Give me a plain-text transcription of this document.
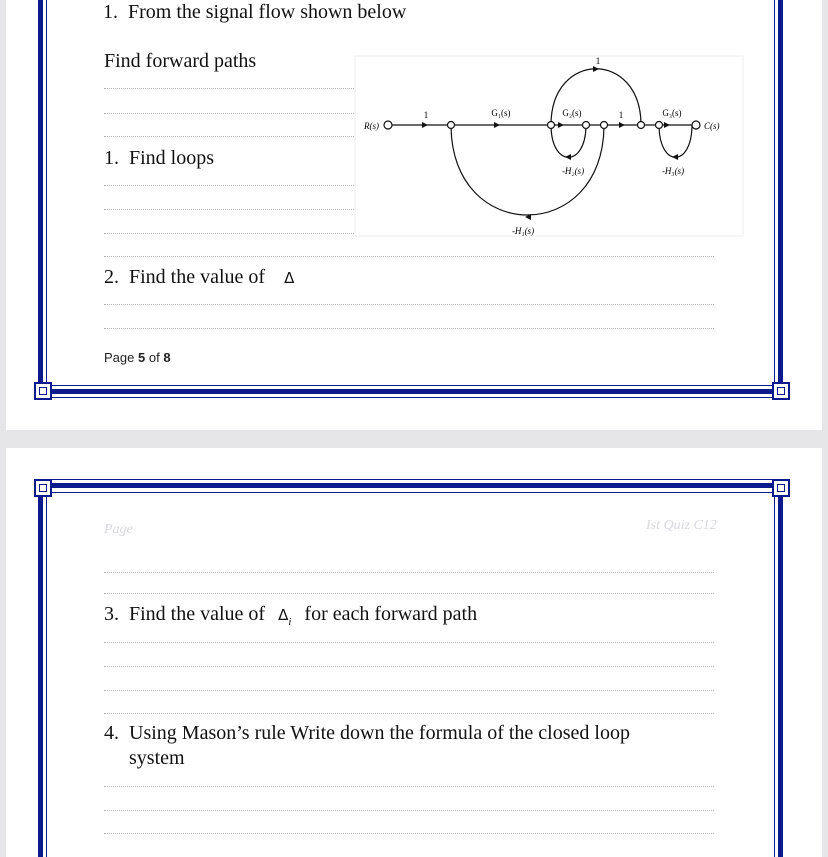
1. From the signal flow shown below
Find forward paths
1. Find loops
2. Find the value of Δ
Page 5 of 8
R(s)	C(s)
1	1
1
G₁(s)	G₂(s)	G₃(s)
-H₁(s)
-H₂(s)	-H₃(s)
Page	Ist Quiz C12
3. Find the value of $\Delta_i$ for each forward path
4. Using Mason’s rule Write down the formula of the closed loop
system
